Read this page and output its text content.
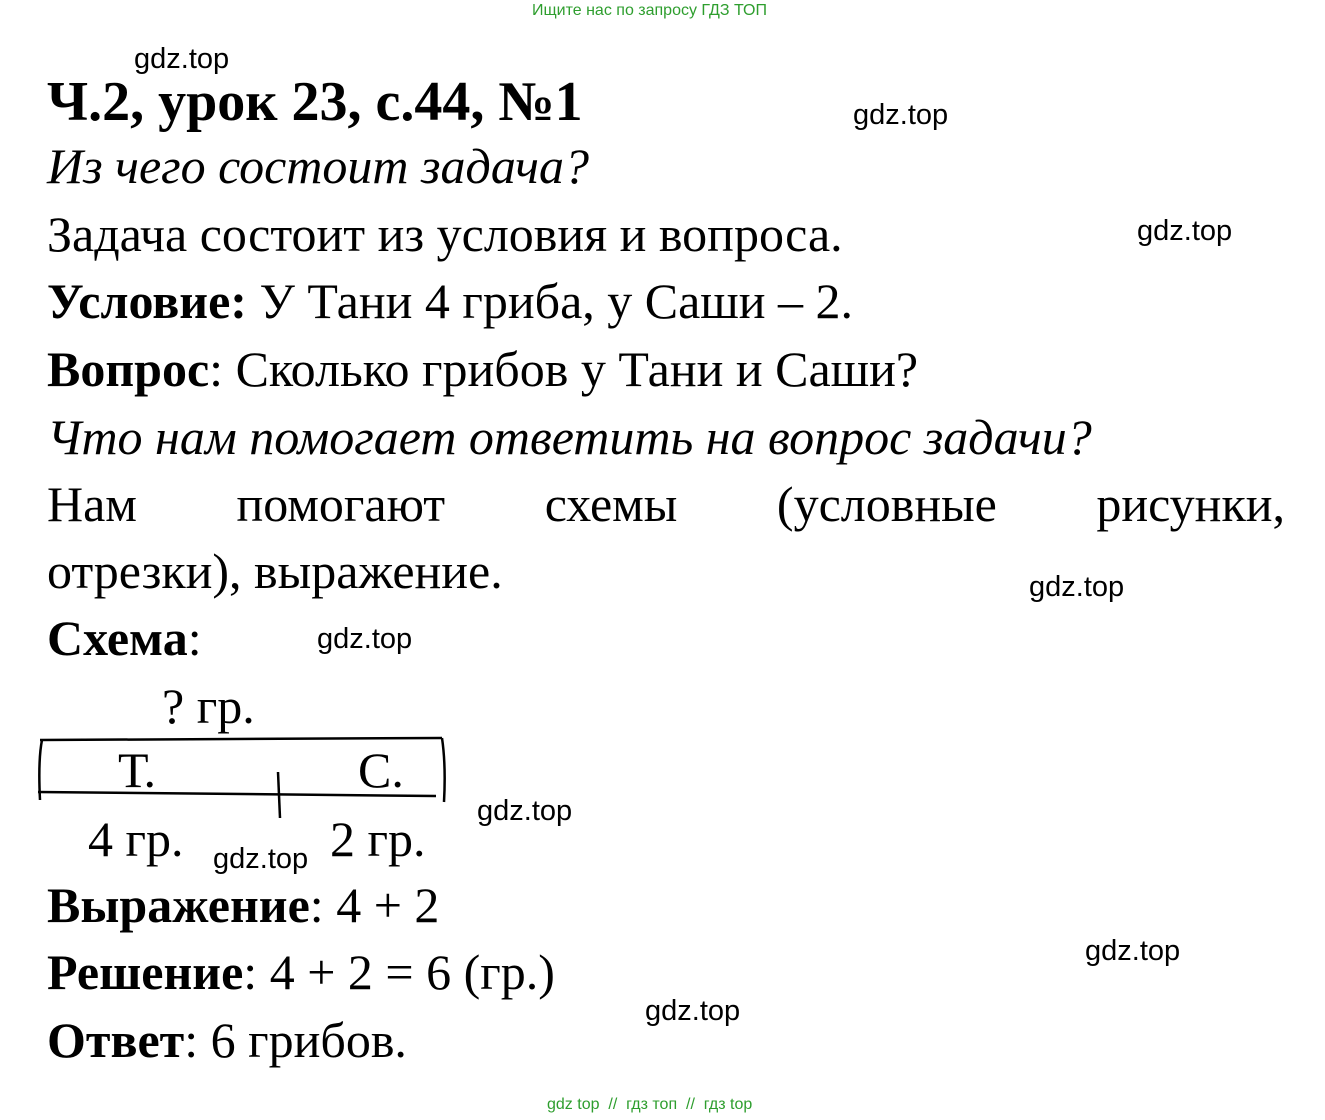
Ищите нас по запросу ГДЗ ТОП
Ч.2, урок 23, с.44, №1
Из чего состоит задача?
Задача состоит из условия и вопроса.
Условие: У Тани 4 гриба, у Саши – 2.
Вопрос: Сколько грибов у Тани и Саши?
Что нам помогает ответить на вопрос задачи?
Нам помогают схемы (условные рисунки,
отрезки), выражение.
Схема:
? гр.
Т.	С.
4 гр.	2 гр.
Выражение: 4 + 2
Решение: 4 + 2 = 6 (гр.)
Ответ: 6 грибов.
gdz.top
gdz.top
gdz.top
gdz.top
gdz.top
gdz.top
gdz.top
gdz.top
gdz.top
gdz top  //  гдз топ  //  гдз top
